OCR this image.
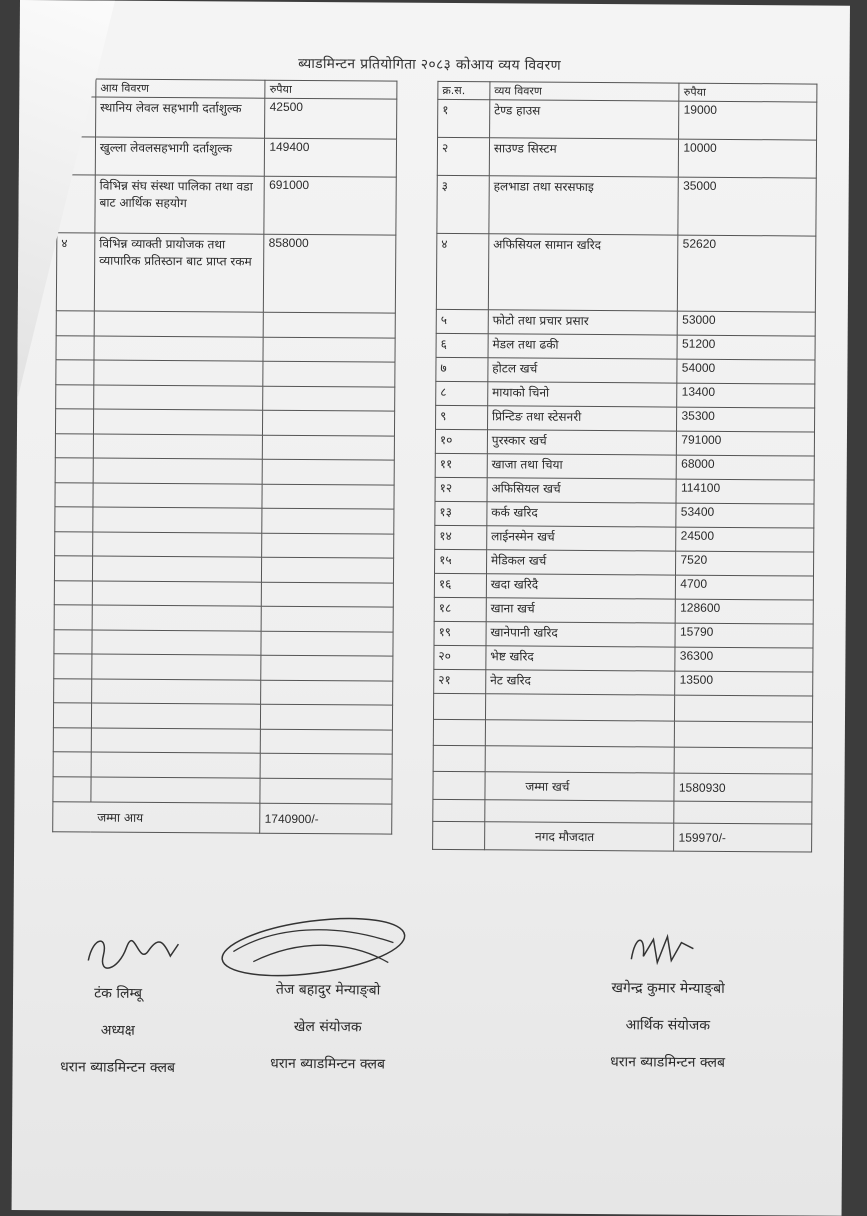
ब्याडमिन्टन प्रतियोगिता २०८३ कोआय व्यय विवरण
	आय विवरण	रुपैया
	स्थानिय लेवल सहभागी दर्ताशुल्क	42500
	खुल्ला लेवलसहभागी दर्ताशुल्क	149400
	विभिन्न संघ संस्था पालिका तथा वडा बाट आर्थिक सहयोग	691000
४	विभिन्न व्याक्ती प्रायोजक तथा व्यापारिक प्रतिस्ठान बाट प्राप्त रकम	858000

जम्मा आय		1740900/-
क्र.स.	व्यय विवरण	रुपैया
१	टेण्ड हाउस	19000
२	साउण्ड सिस्टम	10000
३	हलभाडा तथा सरसफाइ	35000
४	अफिसियल सामान खरिद	52620
५	फोटो तथा प्रचार प्रसार	53000
६	मेडल तथा ढकी	51200
७	होटल खर्च	54000
८	मायाको चिनो	13400
९	प्रिन्टिङ तथा स्टेसनरी	35300
१०	पुरस्कार खर्च	791000
११	खाजा तथा चिया	68000
१२	अफिसियल खर्च	114100
१३	कर्क खरिद	53400
१४	लाईनस्मेन खर्च	24500
१५	मेडिकल खर्च	7520
१६	खदा खरिदै	4700
१८	खाना खर्च	128600
१९	खानेपानी खरिद	15790
२०	भेष्ट खरिद	36300
२१	नेट खरिद	13500

	जम्मा खर्च	1580930

	नगद मौजदात	159970/-
टंक लिम्बू
अध्यक्ष
धरान ब्याडमिन्टन क्लब
तेज बहादुर मेन्याङ्बो
खेल संयोजक
धरान ब्याडमिन्टन क्लब
खगेन्द्र कुमार मेन्याङ्बो
आर्थिक संयोजक
धरान ब्याडमिन्टन क्लब
